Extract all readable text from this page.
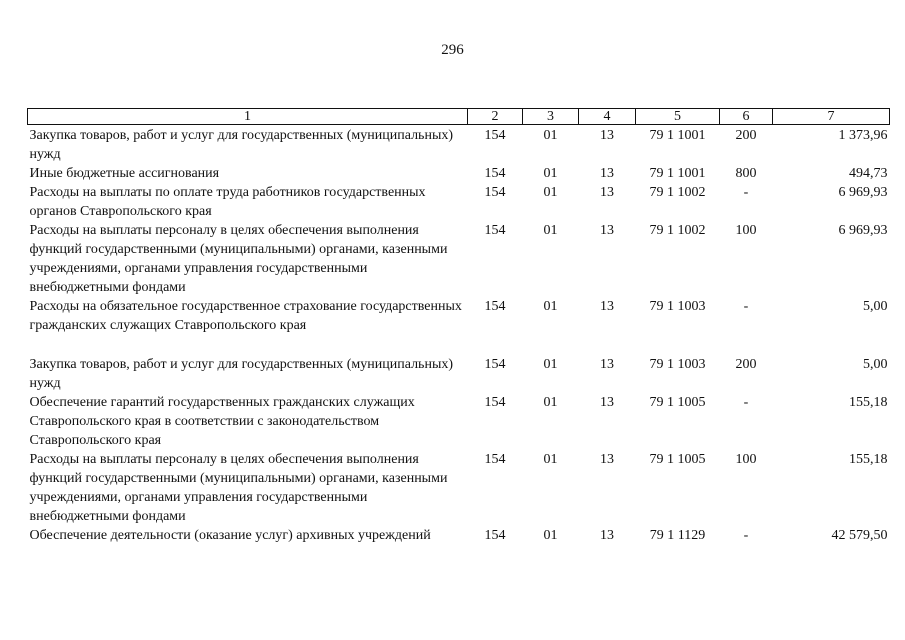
296
1	2	3	4	5	6	7
Закупка товаров, работ и услуг для государственных (муниципальных) нужд	154	01	13	79 1 1001	200	1 373,96
Иные бюджетные ассигнования	154	01	13	79 1 1001	800	494,73
Расходы на выплаты по оплате труда работников государственных органов Ставропольского края	154	01	13	79 1 1002	-	6 969,93
Расходы на выплаты персоналу в целях обеспечения выполнения функций государственными (муниципальными) органами, казенными учреждениями, органами управления государственными внебюджетными фондами	154	01	13	79 1 1002	100	6 969,93
Расходы на обязательное государственное страхование государственных гражданских служащих Ставропольского края	154	01	13	79 1 1003	-	5,00

Закупка товаров, работ и услуг для государственных (муниципальных) нужд	154	01	13	79 1 1003	200	5,00
Обеспечение гарантий государственных гражданских служащих Ставропольского края в соответствии с законодательством Ставропольского края	154	01	13	79 1 1005	-	155,18
Расходы на выплаты персоналу в целях обеспечения выполнения функций государственными (муниципальными) органами, казенными учреждениями, органами управления государственными внебюджетными фондами	154	01	13	79 1 1005	100	155,18
Обеспечение деятельности (оказание услуг) архивных учреждений	154	01	13	79 1 1129	-	42 579,50
